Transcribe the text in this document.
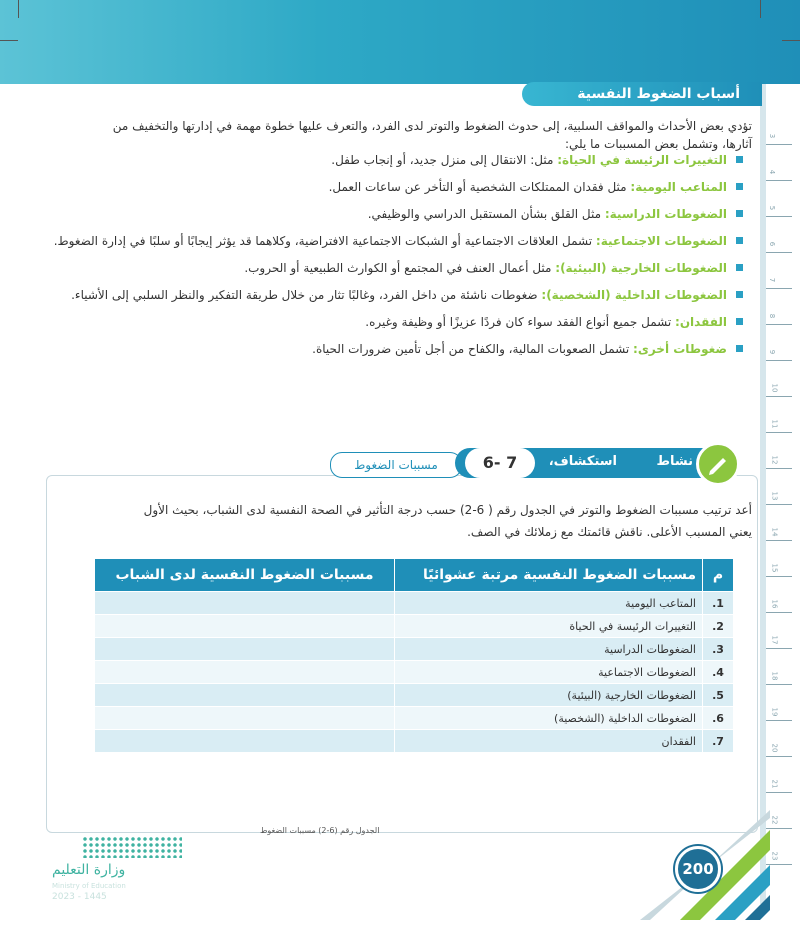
3
4
5
6
7
8
9
10
11
12
13
14
15
16
17
18
19
20
21
22
23
أسباب الضغوط النفسية
تؤدي بعض الأحداث والمواقف السلبية، إلى حدوث الضغوط والتوتر لدى الفرد، والتعرف عليها خطوة مهمة في إدارتها والتخفيف من
آثارها، وتشمل بعض المسببات ما يلي:
التغييرات الرئيسة في الحياة: مثل: الانتقال إلى منزل جديد، أو إنجاب طفل.
المتاعب اليومية: مثل فقدان الممتلكات الشخصية أو التأخر عن ساعات العمل.
الضغوطات الدراسية: مثل القلق بشأن المستقبل الدراسي والوظيفي.
الضغوطات الاجتماعية: تشمل العلاقات الاجتماعية أو الشبكات الاجتماعية الافتراضية، وكلاهما قد يؤثر إيجابًا أو سلبًا في إدارة الضغوط.
الضغوطات الخارجية (البيئية): مثل أعمال العنف في المجتمع أو الكوارث الطبيعية أو الحروب.
الضغوطات الداخلية (الشخصية): ضغوطات ناشئة من داخل الفرد، وغالبًا تثار من خلال طريقة التفكير والنظر السلبي إلى الأشياء.
الفقدان: تشمل جميع أنواع الفقد سواء كان فردًا عزيزًا أو وظيفة وغيره.
ضغوطات أخرى: تشمل الصعوبات المالية، والكفاح من أجل تأمين ضرورات الحياة.
مسببات الضغوط	7 -6	استكشاف،	نشاط
أعد ترتيب مسببات الضغوط والتوتر في الجدول رقم ( 6-2) حسب درجة التأثير في الصحة النفسية لدى الشباب، بحيث الأول
يعني المسبب الأعلى. ناقش قائمتك مع زملائك في الصف.
م	مسببات الضغوط النفسية مرتبة عشوائيًا	مسببات الضغوط النفسية لدى الشباب
1.	المتاعب اليومية	
2.	التغييرات الرئيسة في الحياة	
3.	الضغوطات الدراسية	
4.	الضغوطات الاجتماعية	
5.	الضغوطات الخارجية (البيئية)	
6.	الضغوطات الداخلية (الشخصية)	
7.	الفقدان	
الجدول رقم (6-2) مسببات الضغوط
200
وزارة التعليم
Ministry of Education
2023 - 1445
